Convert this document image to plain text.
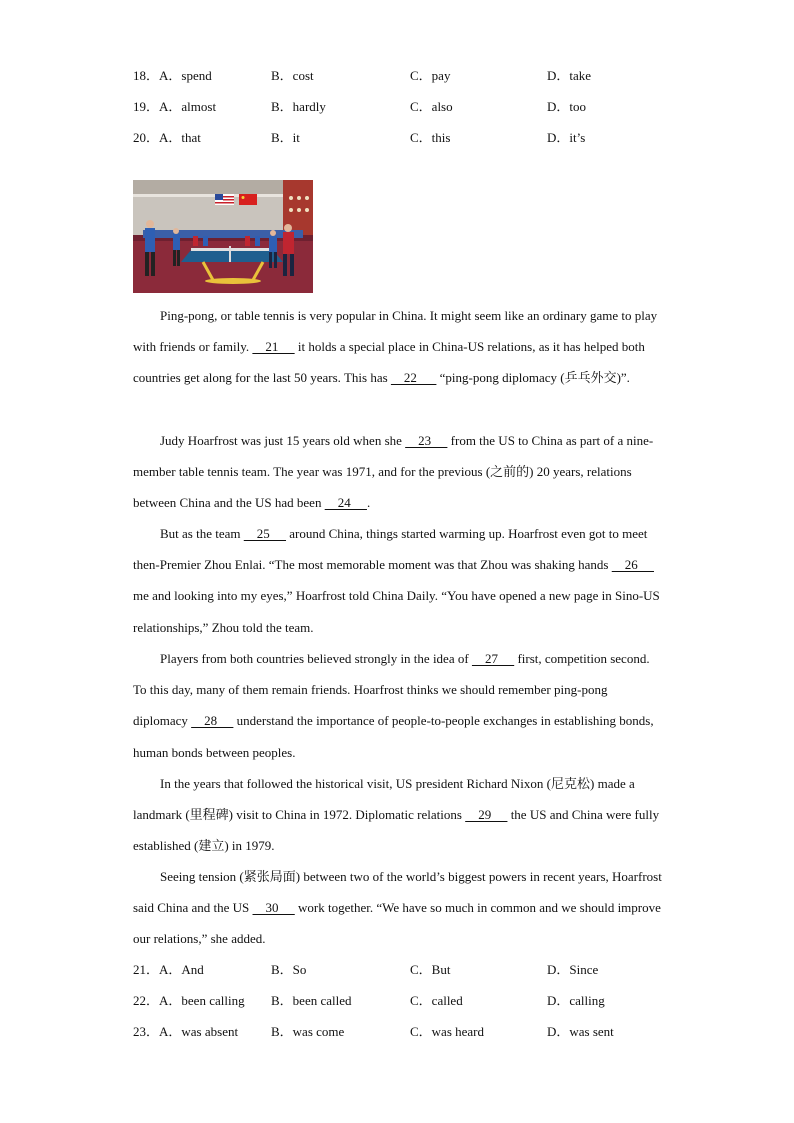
18．A．spend	B．cost	C．pay	D．take
19．A．almost	B．hardly	C．also	D．too
20．A．that	B．it	C．this	D．it’s

Ping-pong, or table tennis is very popular in China. It might seem like an ordinary game to play with friends or family.     21      it holds a special place in China-US relations, as it has helped both countries get along for the last 50 years. This has     22       “ping-pong diplomacy (乒乓外交)”.

Judy Hoarfrost was just 15 years old when she     23      from the US to China as part of a nine-member table tennis team. The year was 1971, and for the previous (之前的) 20 years, relations between China and the US had been     24     .

But as the team     25      around China, things started warming up. Hoarfrost even got to meet then-Premier Zhou Enlai. “The most memorable moment was that Zhou was shaking hands     26      me and looking into my eyes,” Hoarfrost told China Daily. “You have opened a new page in Sino-US relationships,” Zhou told the team.

Players from both countries believed strongly in the idea of     27      first, competition second. To this day, many of them remain friends. Hoarfrost thinks we should remember ping-pong diplomacy     28      understand the importance of people-to-people exchanges in establishing bonds, human bonds between peoples.

In the years that followed the historical visit, US president Richard Nixon (尼克松) made a landmark (里程碑) visit to China in 1972. Diplomatic relations     29      the US and China were fully established (建立) in 1979.

Seeing tension (紧张局面) between two of the world’s biggest powers in recent years, Hoarfrost said China and the US     30      work together. “We have so much in common and we should improve our relations,” she added.

21．A．And	B．So	C．But	D．Since
22．A．been calling B．been called	C．called	D．calling
23．A．was absent	B．was come	C．was heard	D．was sent
